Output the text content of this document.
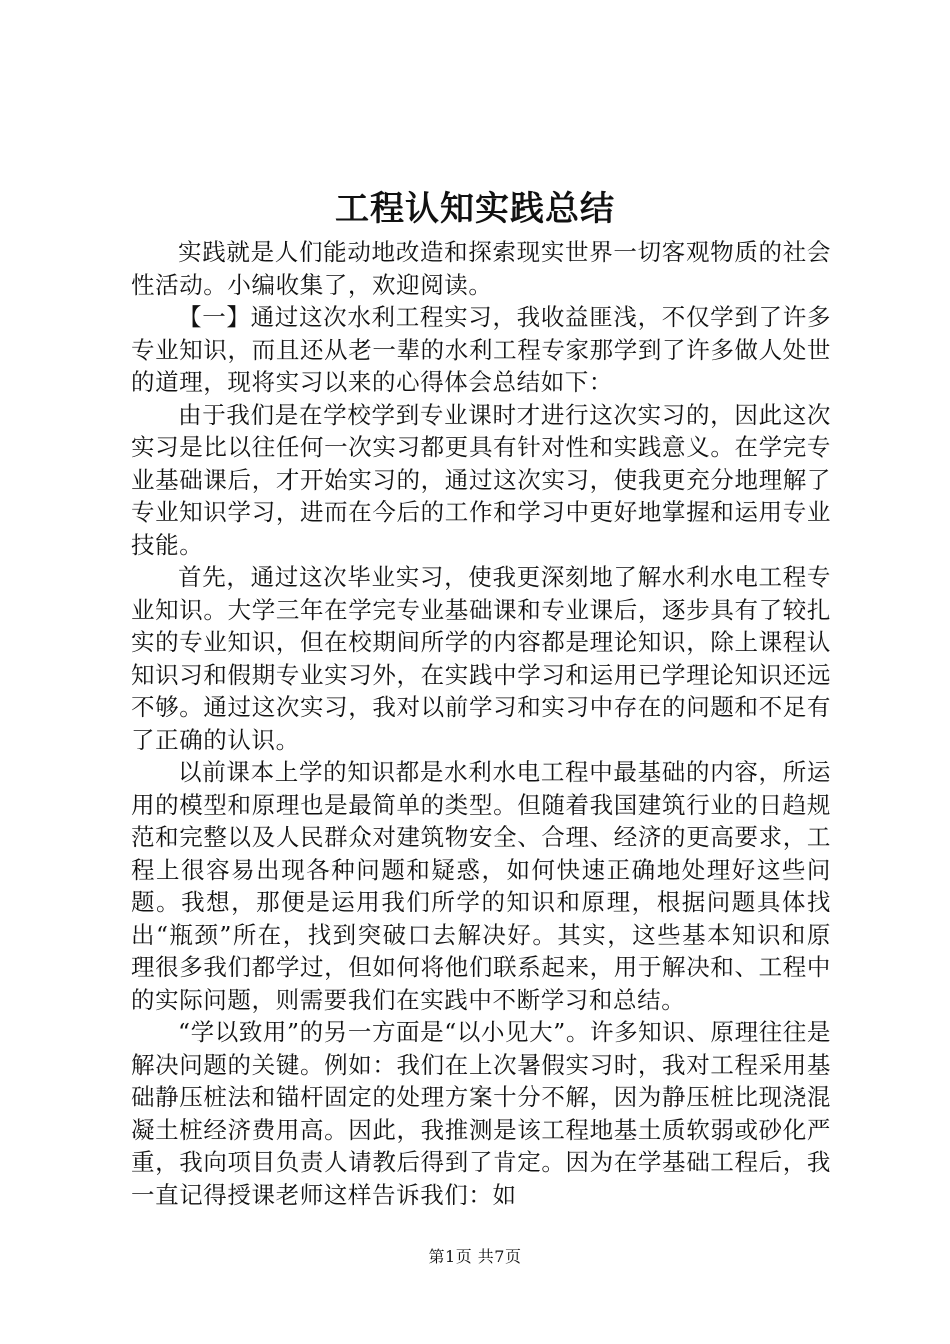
工程认知实践总结

实践就是人们能动地改造和探索现实世界一切客观物质的社会性活动。小编收集了，欢迎阅读。

【一】通过这次水利工程实习，我收益匪浅，不仅学到了许多专业知识，而且还从老一辈的水利工程专家那学到了许多做人处世的道理，现将实习以来的心得体会总结如下：

由于我们是在学校学到专业课时才进行这次实习的，因此这次实习是比以往任何一次实习都更具有针对性和实践意义。在学完专业基础课后，才开始实习的，通过这次实习，使我更充分地理解了专业知识学习，进而在今后的工作和学习中更好地掌握和运用专业技能。

首先，通过这次毕业实习，使我更深刻地了解水利水电工程专业知识。大学三年在学完专业基础课和专业课后，逐步具有了较扎实的专业知识，但在校期间所学的内容都是理论知识，除上课程认知识习和假期专业实习外，在实践中学习和运用已学理论知识还远不够。通过这次实习，我对以前学习和实习中存在的问题和不足有了正确的认识。

以前课本上学的知识都是水利水电工程中最基础的内容，所运用的模型和原理也是最简单的类型。但随着我国建筑行业的日趋规范和完整以及人民群众对建筑物安全、合理、经济的更高要求，工程上很容易出现各种问题和疑惑，如何快速正确地处理好这些问题。我想，那便是运用我们所学的知识和原理，根据问题具体找出“瓶颈”所在，找到突破口去解决好。其实，这些基本知识和原理很多我们都学过，但如何将他们联系起来，用于解决和、工程中的实际问题，则需要我们在实践中不断学习和总结。

“学以致用”的另一方面是“以小见大”。许多知识、原理往往是解决问题的关键。例如：我们在上次暑假实习时，我对工程采用基础静压桩法和锚杆固定的处理方案十分不解，因为静压桩比现浇混凝土桩经济费用高。因此，我推测是该工程地基土质软弱或砂化严重，我向项目负责人请教后得到了肯定。因为在学基础工程后，我一直记得授课老师这样告诉我们：如

第1页 共7页
